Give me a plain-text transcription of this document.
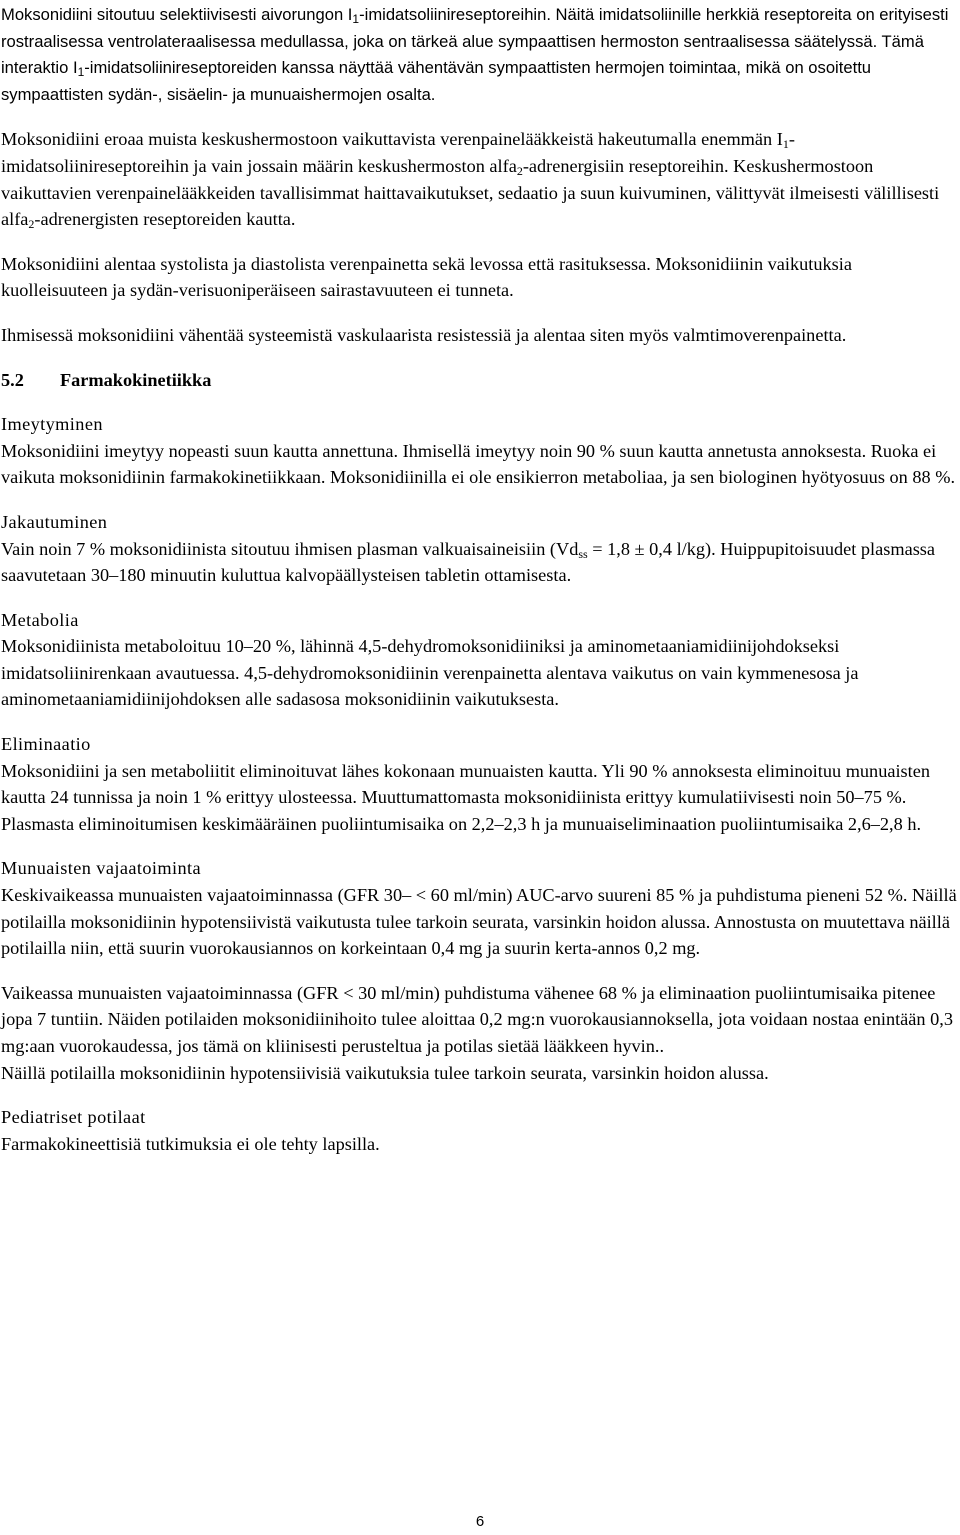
Moksonidiini sitoutuu selektiivisesti aivorungon $I_1$-imidatsoliinireseptoreihin. Näitä imidatsoliinille herkkiä reseptoreita on erityisesti rostraalisessa ventrolateraalisessa medullassa, joka on tärkeä alue sympaattisen hermoston sentraalisessa säätelyssä. Tämä interaktio $I_1$-imidatsoliinireseptoreiden kanssa näyttää vähentävän sympaattisten hermojen toimintaa, mikä on osoitettu sympaattisten sydän-, sisäelin- ja munuaishermojen osalta.

Moksonidiini eroaa muista keskushermostoon vaikuttavista verenpainelääkkeistä hakeutumalla enemmän $I_1$-imidatsoliinireseptoreihin ja vain jossain määrin keskushermoston alfa$_2$-adrenergisiin reseptoreihin. Keskushermostoon vaikuttavien verenpainelääkkeiden tavallisimmat haittavaikutukset, sedaatio ja suun kuivuminen, välittyvät ilmeisesti välillisesti alfa$_2$-adrenergisten reseptoreiden kautta.

Moksonidiini alentaa systolista ja diastolista verenpainetta sekä levossa että rasituksessa. Moksonidiinin vaikutuksia kuolleisuuteen ja sydän-verisuoniperäiseen sairastavuuteen ei tunneta.

Ihmisessä moksonidiini vähentää systeemistä vaskulaarista resistessiä ja alentaa siten myös valmtimoverenpainetta.

5.2 Farmakokinetiikka

Imeytyminen

Moksonidiini imeytyy nopeasti suun kautta annettuna. Ihmisellä imeytyy noin 90 % suun kautta annetusta annoksesta. Ruoka ei vaikuta moksonidiinin farmakokinetiikkaan. Moksonidiinilla ei ole ensikierron metaboliaa, ja sen biologinen hyötyosuus on 88 %.

Jakautuminen

Vain noin 7 % moksonidiinista sitoutuu ihmisen plasman valkuaisaineisiin ($Vd_{ss} = 1,8 \pm 0,4$ l/kg). Huippupitoisuudet plasmassa saavutetaan 30–180 minuutin kuluttua kalvopäällysteisen tabletin ottamisesta.

Metabolia

Moksonidiinista metaboloituu 10–20 %, lähinnä 4,5-dehydromoksonidiiniksi ja aminometaaniamidiinijohdokseksi imidatsoliinirenkaan avautuessa. 4,5-dehydromoksonidiinin verenpainetta alentava vaikutus on vain kymmenesosa ja aminometaaniamidiinijohdoksen alle sadasosa moksonidiinin vaikutuksesta.

Eliminaatio

Moksonidiini ja sen metaboliitit eliminoituvat lähes kokonaan munuaisten kautta. Yli 90 % annoksesta eliminoituu munuaisten kautta 24 tunnissa ja noin 1 % erittyy ulosteessa. Muuttumattomasta moksonidiinista erittyy kumulatiivisesti noin 50–75 %. Plasmasta eliminoitumisen keskimääräinen puoliintumisaika on 2,2–2,3 h ja munuaiseliminaation puoliintumisaika 2,6–2,8 h.

Munuaisten vajaatoiminta

Keskivaikeassa munuaisten vajaatoiminnassa (GFR 30– < 60 ml/min) AUC-arvo suureni 85 % ja puhdistuma pieneni 52 %. Näillä potilailla moksonidiinin hypotensiivistä vaikutusta tulee tarkoin seurata, varsinkin hoidon alussa. Annostusta on muutettava näillä potilailla niin, että suurin vuorokausiannos on korkeintaan 0,4 mg ja suurin kerta-annos 0,2 mg.

Vaikeassa munuaisten vajaatoiminnassa (GFR < 30 ml/min) puhdistuma vähenee 68 % ja eliminaation puoliintumisaika pitenee jopa 7 tuntiin. Näiden potilaiden moksonidiinihoito tulee aloittaa 0,2 mg:n vuorokausiannoksella, jota voidaan nostaa enintään 0,3 mg:aan vuorokaudessa, jos tämä on kliinisesti perusteltua ja potilas sietää lääkkeen hyvin..

Näillä potilailla moksonidiinin hypotensiivisiä vaikutuksia tulee tarkoin seurata, varsinkin hoidon alussa.

Pediatriset potilaat

Farmakokineettisiä tutkimuksia ei ole tehty lapsilla.

6
